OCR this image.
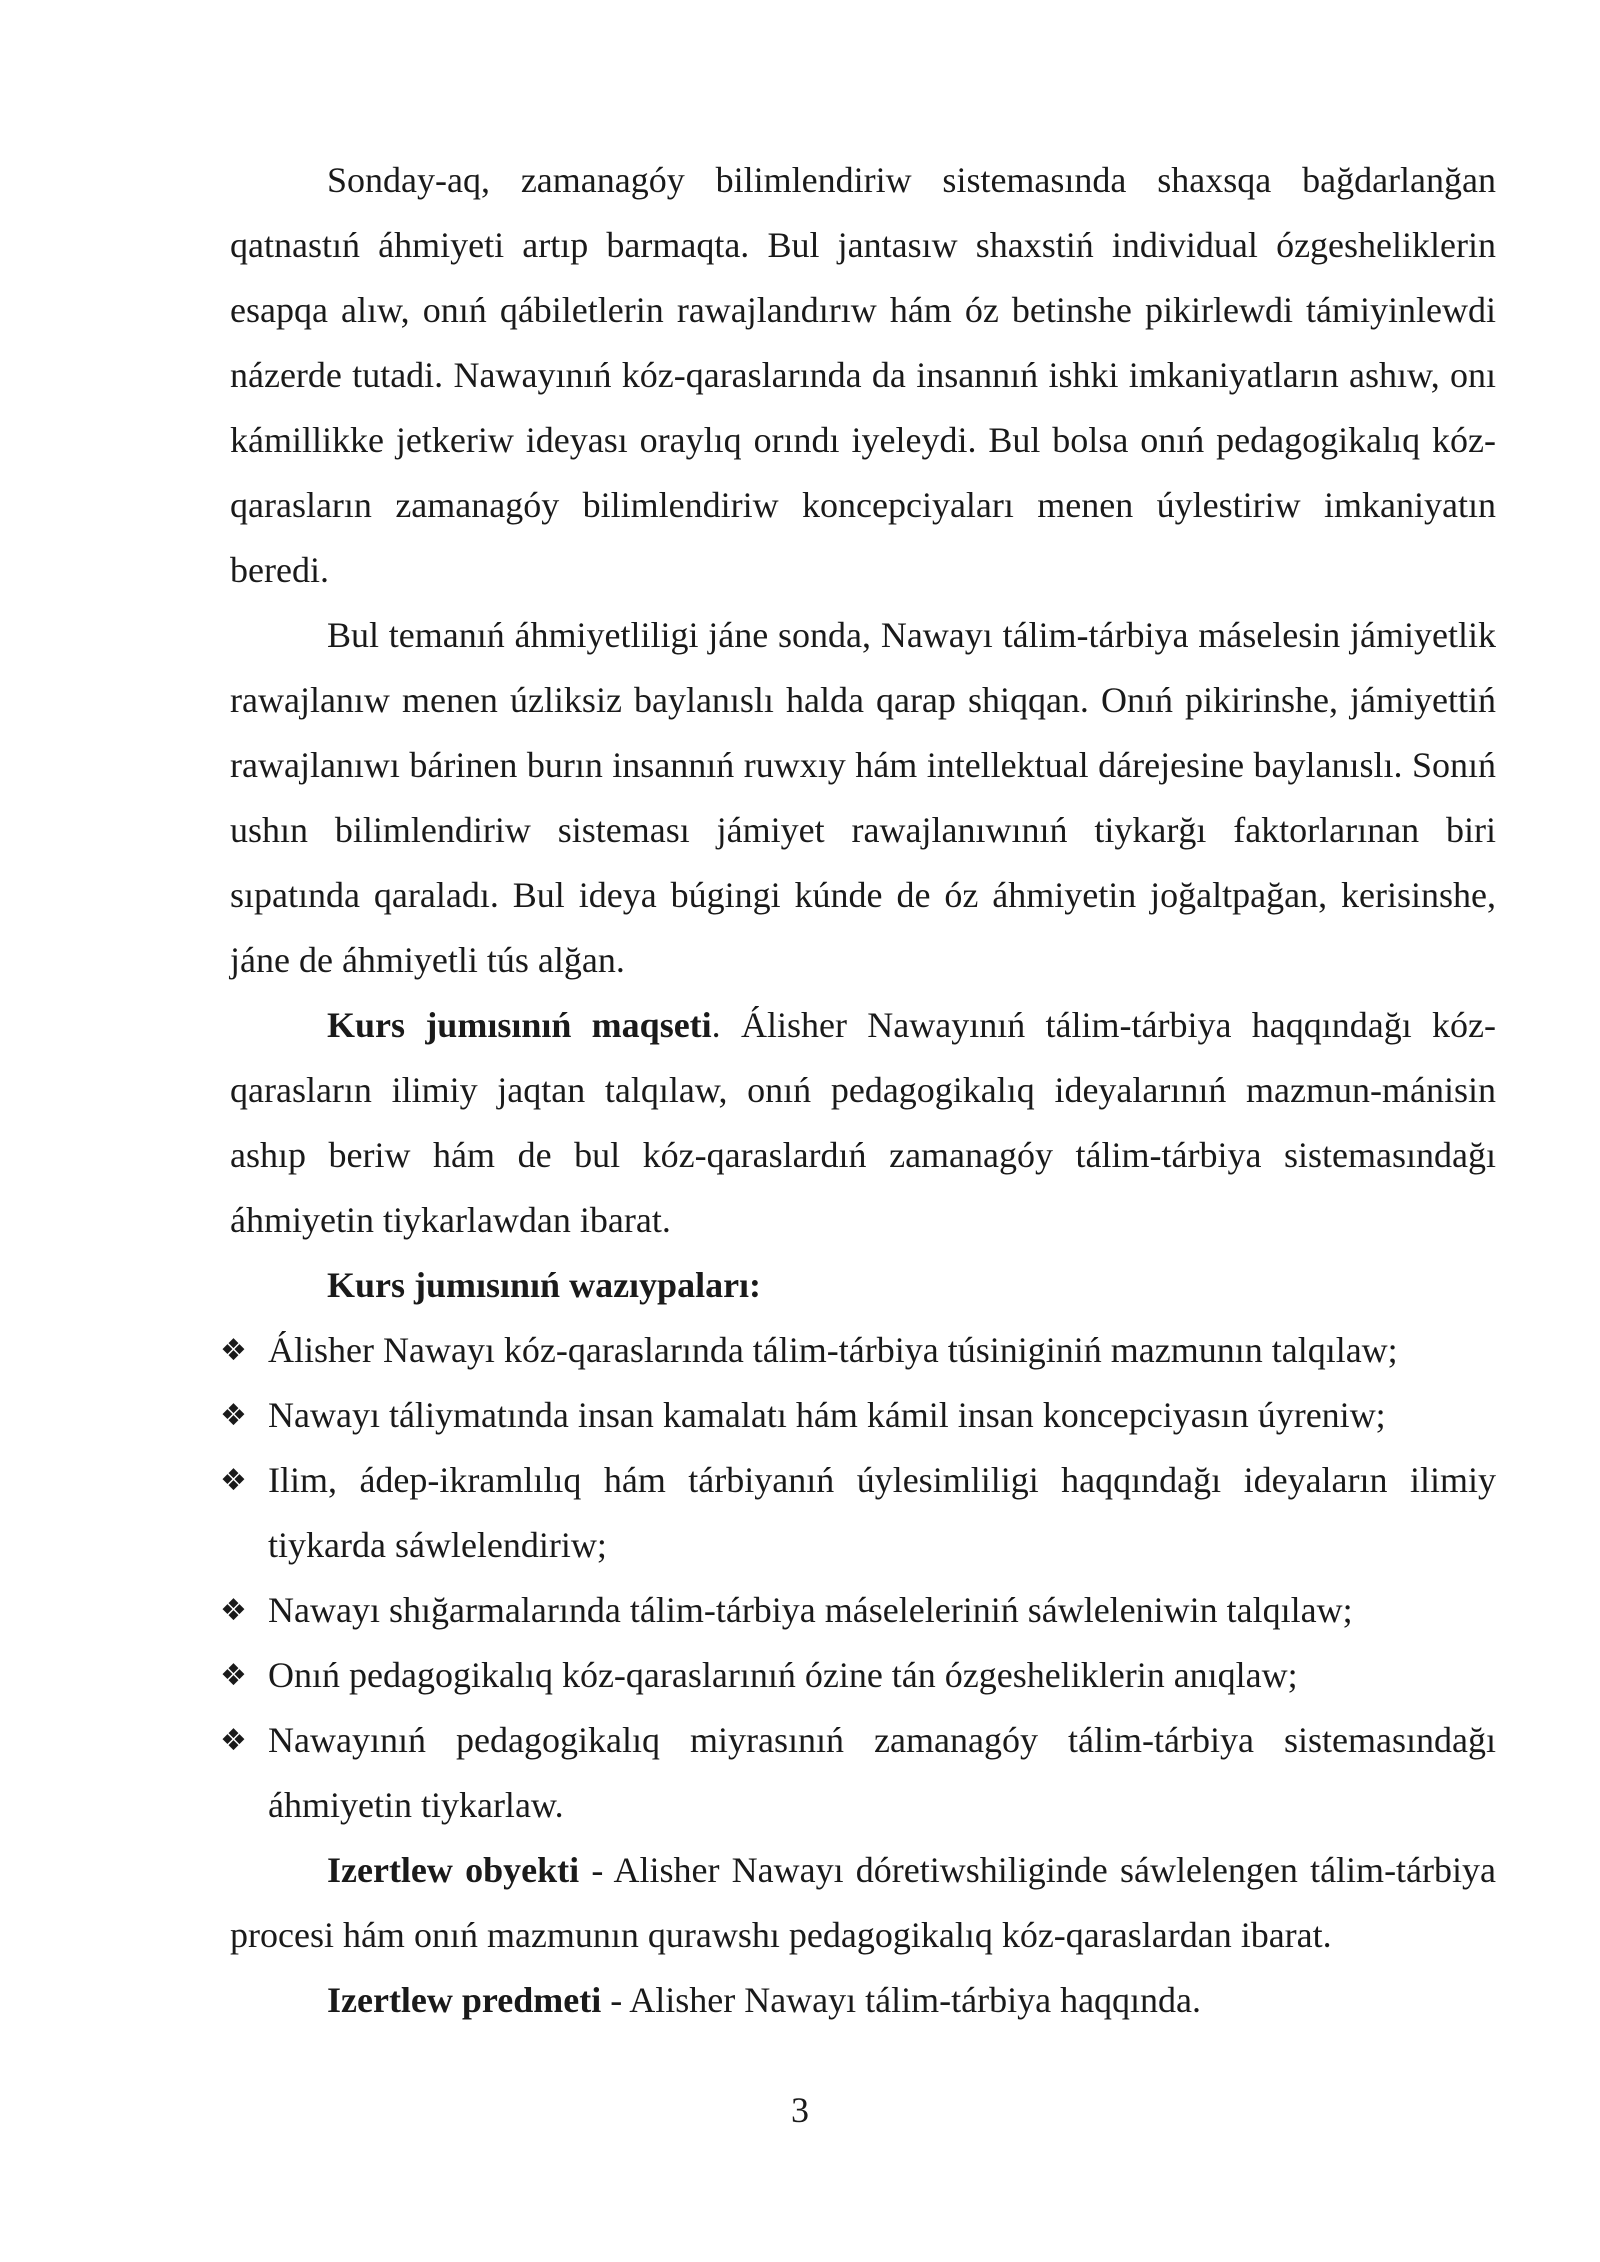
Sonday-aq, zamanagóy bilimlendiriw sistemasında shaxsqa bağdarlanğan qatnastıń áhmiyeti artıp barmaqta. Bul jantasıw shaxstiń individual ózgesheliklerin esapqa alıw, onıń qábiletlerin rawajlandırıw hám óz betinshe pikirlewdi támiyinlewdi názerde tutadi. Nawayınıń kóz-qaraslarında da insannıń ishki imkaniyatların ashıw, onı kámillikke jetkeriw ideyası oraylıq orındı iyeleydi. Bul bolsa onıń pedagogikalıq kóz-qarasların zamanagóy bilimlendiriw koncepciyaları menen úylestiriw imkaniyatın beredi.

Bul temanıń áhmiyetliligi jáne sonda, Nawayı tálim-tárbiya máselesin jámiyetlik rawajlanıw menen úzliksiz baylanıslı halda qarap shiqqan. Onıń pikirinshe, jámiyettiń rawajlanıwı bárinen burın insannıń ruwxıy hám intellektual dárejesine baylanıslı. Sonıń ushın bilimlendiriw sisteması jámiyet rawajlanıwınıń tiykarğı faktorlarınan biri sıpatında qaraladı. Bul ideya búgingi kúnde de óz áhmiyetin joğaltpağan, kerisinshe, jáne de áhmiyetli tús alğan.

Kurs jumısınıń maqseti. Álisher Nawayınıń tálim-tárbiya haqqındağı kóz-qarasların ilimiy jaqtan talqılaw, onıń pedagogikalıq ideyalarınıń mazmun-mánisin ashıp beriw hám de bul kóz-qaraslardıń zamanagóy tálim-tárbiya sistemasındağı áhmiyetin tiykarlawdan ibarat.

Kurs jumısınıń wazıypaları:

❖ Álisher Nawayı kóz-qaraslarında tálim-tárbiya túsiniginiń mazmunın talqılaw;
❖ Nawayı táliymatında insan kamalatı hám kámil insan koncepciyasın úyreniw;
❖ Ilim, ádep-ikramlılıq hám tárbiyanıń úylesimliligi haqqındağı ideyaların ilimiy tiykarda sáwlelendiriw;
❖ Nawayı shığarmalarında tálim-tárbiya máseleleriniń sáwleleniwin talqılaw;
❖ Onıń pedagogikalıq kóz-qaraslarınıń ózine tán ózgesheliklerin anıqlaw;
❖ Nawayınıń pedagogikalıq miyrasınıń zamanagóy tálim-tárbiya sistemasındağı áhmiyetin tiykarlaw.

Izertlew obyekti - Alisher Nawayı dóretiwshiliginde sáwlelengen tálim-tárbiya procesi hám onıń mazmunın qurawshı pedagogikalıq kóz-qaraslardan ibarat.

Izertlew predmeti - Alisher Nawayı tálim-tárbiya haqqında.

3
